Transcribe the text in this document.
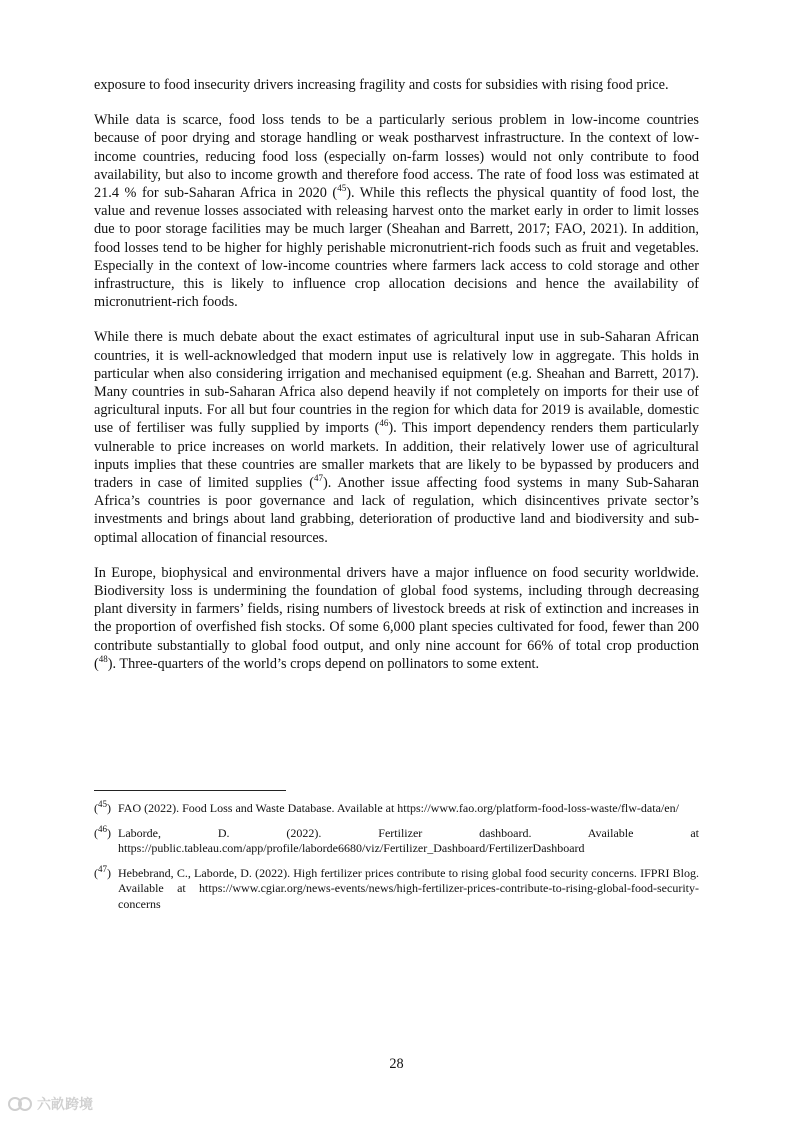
exposure to food insecurity drivers increasing fragility and costs for subsidies with rising food price.

While data is scarce, food loss tends to be a particularly serious problem in low-income countries because of poor drying and storage handling or weak postharvest infrastructure. In the context of low-income countries, reducing food loss (especially on-farm losses) would not only contribute to food availability, but also to income growth and therefore food access. The rate of food loss was estimated at 21.4 % for sub-Saharan Africa in 2020 ($^{45}$). While this reflects the physical quantity of food lost, the value and revenue losses associated with releasing harvest onto the market early in order to limit losses due to poor storage facilities may be much larger (Sheahan and Barrett, 2017; FAO, 2021). In addition, food losses tend to be higher for highly perishable micronutrient-rich foods such as fruit and vegetables. Especially in the context of low-income countries where farmers lack access to cold storage and other infrastructure, this is likely to influence crop allocation decisions and hence the availability of micronutrient-rich foods.

While there is much debate about the exact estimates of agricultural input use in sub-Saharan African countries, it is well-acknowledged that modern input use is relatively low in aggregate. This holds in particular when also considering irrigation and mechanised equipment (e.g. Sheahan and Barrett, 2017). Many countries in sub-Saharan Africa also depend heavily if not completely on imports for their use of agricultural inputs. For all but four countries in the region for which data for 2019 is available, domestic use of fertiliser was fully supplied by imports ($^{46}$). This import dependency renders them particularly vulnerable to price increases on world markets. In addition, their relatively lower use of agricultural inputs implies that these countries are smaller markets that are likely to be bypassed by producers and traders in case of limited supplies ($^{47}$). Another issue affecting food systems in many Sub-Saharan Africa’s countries is poor governance and lack of regulation, which disincentives private sector’s investments and brings about land grabbing, deterioration of productive land and biodiversity and sub-optimal allocation of financial resources.

In Europe, biophysical and environmental drivers have a major influence on food security worldwide. Biodiversity loss is undermining the foundation of global food systems, including through decreasing plant diversity in farmers’ fields, rising numbers of livestock breeds at risk of extinction and increases in the proportion of overfished fish stocks. Of some 6,000 plant species cultivated for food, fewer than 200 contribute substantially to global food output, and only nine account for 66% of total crop production ($^{48}$). Three-quarters of the world’s crops depend on pollinators to some extent.

($^{45}$) FAO (2022). Food Loss and Waste Database. Available at https://www.fao.org/platform-food-loss-waste/flw-data/en/
($^{46}$) Laborde, D. (2022). Fertilizer dashboard. Available at https://public.tableau.com/app/profile/laborde6680/viz/Fertilizer_Dashboard/FertilizerDashboard
($^{47}$) Hebebrand, C., Laborde, D. (2022). High fertilizer prices contribute to rising global food security concerns. IFPRI Blog. Available at https://www.cgiar.org/news-events/news/high-fertilizer-prices-contribute-to-rising-global-food-security-concerns
28
六畝跨境
